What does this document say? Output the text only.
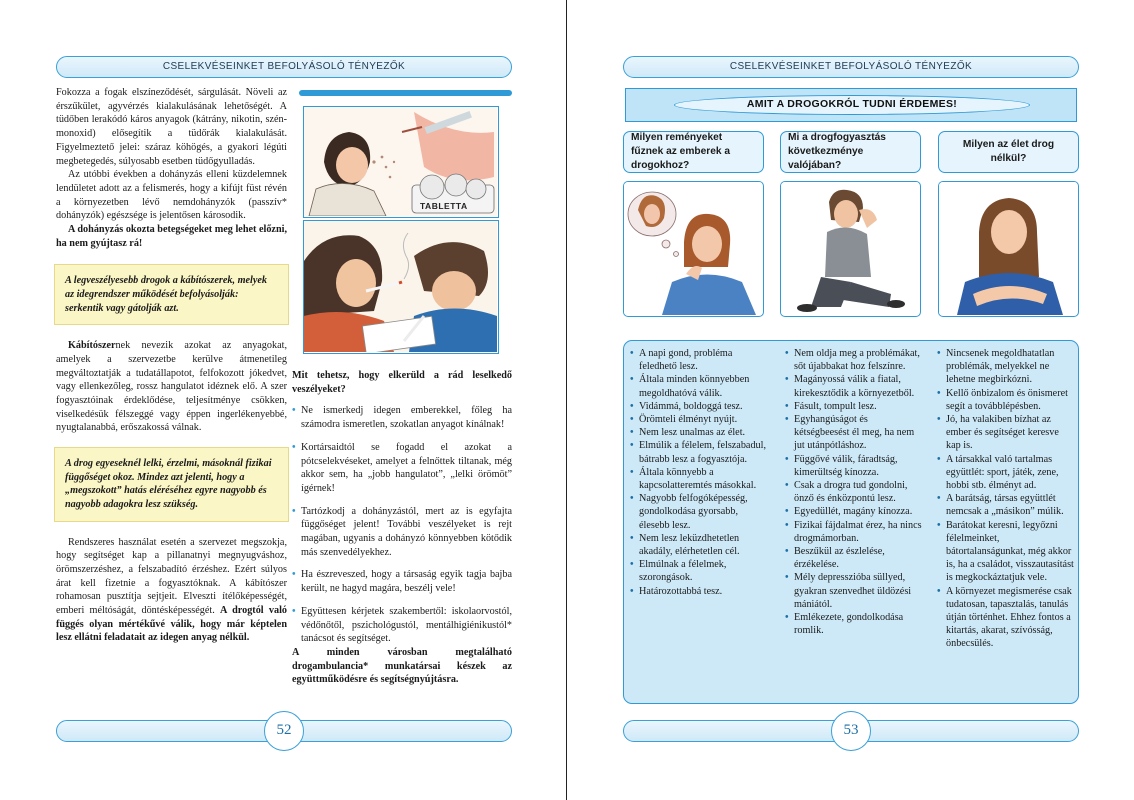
CSELEKVÉSEINKET BEFOLYÁSOLÓ TÉNYEZŐK

Fokozza a fogak elszíneződését, sárgulását. Növeli az érszűkület, agyvérzés kialakulásának lehetőségét. A tüdőben lerakódó káros anyagok (kátrány, nikotin, szén-monoxid) elősegítik a tüdőrák kialakulását. Figyelmeztető jelei: száraz köhögés, a gyakori légúti megbetegedés, súlyosabb esetben tüdőgyulladás.

Az utóbbi években a dohányzás elleni küzdelemnek lendületet adott az a felismerés, hogy a kifújt füst révén a környezetben lévő nemdohányzók (passzív* dohányzók) egészsége is jelentősen károsodik.

A dohányzás okozta betegségeket meg lehet előzni, ha nem gyújtasz rá!

A legveszélyesebb drogok a kábítószerek, melyek az idegrendszer működését befolyásolják: serkentik vagy gátolják azt.

Kábítószernek nevezik azokat az anyagokat, amelyek a szervezetbe kerülve átmenetileg megváltoztatják a tudatállapotot, felfokozott jókedvet, vagy ellenkezőleg, rossz hangulatot idéznek elő. A szer fogyasztóinak érdeklődése, teljesítménye csökken, viselkedésük félszeggé vagy éppen ingerlékenyebbé, nyugtalanabbá, erőszakossá válnak.

A drog egyeseknél lelki, érzelmi, másoknál fizikai függőséget okoz. Mindez azt jelenti, hogy a „megszokott” hatás eléréséhez egyre nagyobb és nagyobb adagokra lesz szükség.

Rendszeres használat esetén a szervezet megszokja, hogy segítséget kap a pillanatnyi megnyugváshoz, örömszerzéshez, a felszabadító érzéshez. Ezért súlyos árat kell fizetnie a fogyasztóknak. A kábítószer rohamosan pusztítja sejtjeit. Elveszti ítélőképességét, emberi méltóságát, döntésképességét. A drogtól való függés olyan mértékűvé válik, hogy már képtelen lesz ellátni feladatait az idegen anyag nélkül.

TABLETTA

Mit tehetsz, hogy elkerüld a rád leselkedő veszélyeket?

• Ne ismerkedj idegen emberekkel, főleg ha számodra ismeretlen, szokatlan anyagot kínálnak!
• Kortársaidtól se fogadd el azokat a pótcselekvéseket, amelyet a felnőttek tiltanak, még akkor sem, ha „jobb hangulatot”, „lelki örömöt” ígérnek!
• Tartózkodj a dohányzástól, mert az is egyfajta függőséget jelent! További veszélyeket is rejt magában, ugyanis a dohányzó könnyebben kötődik más szenvedélyekhez.
• Ha észreveszed, hogy a társaság egyik tagja bajba került, ne hagyd magára, beszélj vele!
• Együttesen kérjetek szakembertől: iskolaorvostól, védőnőtől, pszichológustól, mentálhigiénikustól* tanácsot és segítséget.

A minden városban megtalálható drogambulancia* munkatársai készek az együttműködésre és segítségnyújtásra.

52
CSELEKVÉSEINKET BEFOLYÁSOLÓ TÉNYEZŐK
AMIT A DROGOKRÓL TUDNI ÉRDEMES!
Milyen reményeket fűznek az emberek a drogokhoz?
Mi a drogfogyasztás következménye valójában?
Milyen az élet drog nélkül?
• A napi gond, probléma feledhető lesz.
• Általa minden könnyebben megoldhatóvá válik.
• Vidámmá, boldoggá tesz.
• Örömteli élményt nyújt.
• Nem lesz unalmas az élet.
• Elmúlik a félelem, felszabadul, bátrabb lesz a fogyasztója.
• Általa könnyebb a kapcsolatteremtés másokkal.
• Nagyobb felfogóképesség, gondolkodása gyorsabb, élesebb lesz.
• Nem lesz leküzdhetetlen akadály, elérhetetlen cél.
• Elmúlnak a félelmek, szorongások.
• Határozottabbá tesz.
• Nem oldja meg a problémákat, sőt újabbakat hoz felszínre.
• Magányossá válik a fiatal, kirekesztődik a környezetből.
• Fásult, tompult lesz.
• Egyhangúságot és kétségbeesést él meg, ha nem jut utánpótláshoz.
• Függővé válik, fáradtság, kimerültség kínozza.
• Csak a drogra tud gondolni, önző és énközpontú lesz.
• Egyedüllét, magány kínozza.
• Fizikai fájdalmat érez, ha nincs drogmámorban.
• Beszűkül az észlelése, érzékelése.
• Mély depresszióba süllyed, gyakran szenvedhet üldözési mániától.
• Emlékezete, gondolkodása romlik.
• Nincsenek megoldhatatlan problémák, melyekkel ne lehetne megbirkózni.
• Kellő önbizalom és önismeret segít a továbblépésben.
• Jó, ha valakiben bízhat az ember és segítséget keresve kap is.
• A társakkal való tartalmas együttlét: sport, játék, zene, hobbi stb. élményt ad.
• A barátság, társas együttlét nemcsak a „másikon” múlik.
• Barátokat keresni, legyőzni félelmeinket, bátortalanságunkat, még akkor is, ha a családot, visszautasítást is megkockáztatjuk vele.
• A környezet megismerése csak tudatosan, tapasztalás, tanulás útján történhet. Ehhez fontos a kitartás, akarat, szívósság, önbecsülés.
53
